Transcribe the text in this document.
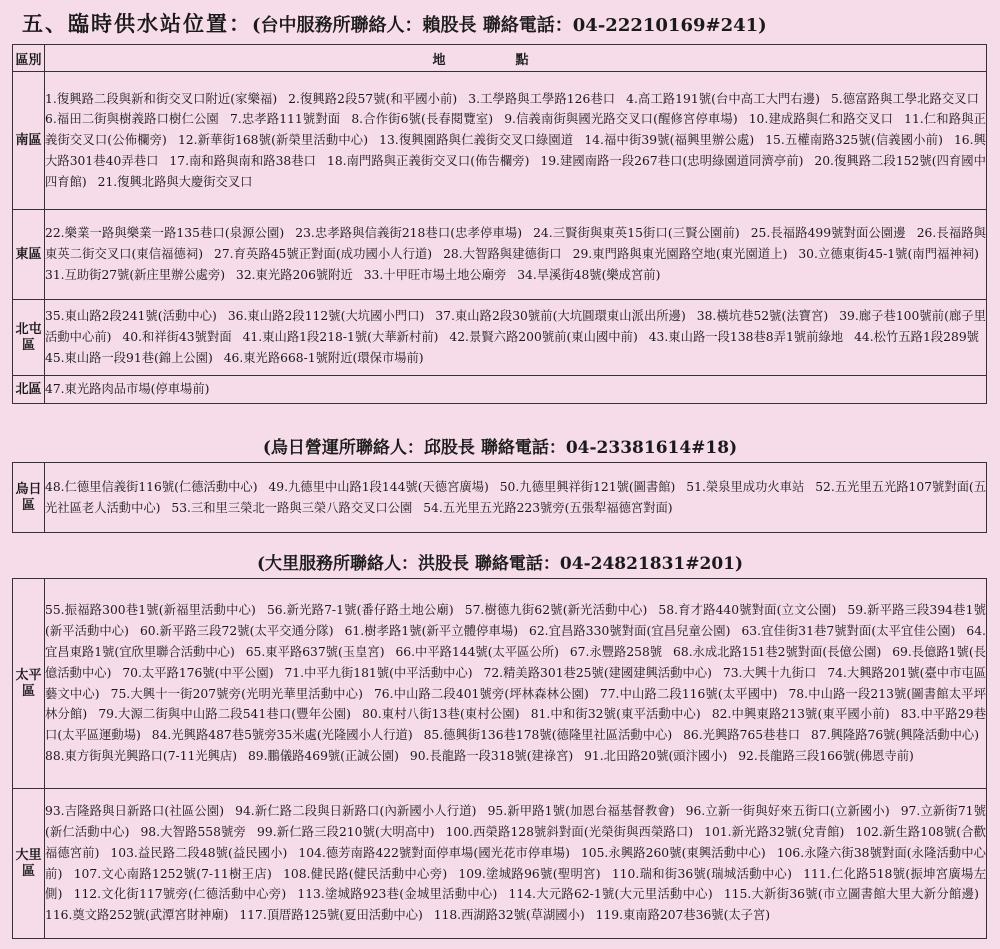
五、臨時供水站位置：(台中服務所聯絡人：賴股長 聯絡電話：04-22210169#241)
區別	地點
南區	1.復興路二段與新和街交叉口附近(家樂福) 2.復興路2段57號(和平國小前) 3.工學路與工學路126巷口 4.高工路191號(台中高工大門右邊) 5.德富路與工學北路交叉口 6.福田二街與樹義路口樹仁公園 7.忠孝路111號對面 8.合作街6號(長春閱覽室) 9.信義南街與國光路交叉口(醒修宮停車場) 10.建成路與仁和路交叉口 11.仁和路與正義街交叉口(公佈欄旁) 12.新華街168號(新榮里活動中心) 13.復興園路與仁義街交叉口綠園道 14.福中街39號(福興里辦公處) 15.五權南路325號(信義國小前) 16.興大路301巷40弄巷口 17.南和路與南和路38巷口 18.南門路與正義街交叉口(佈告欄旁) 19.建國南路一段267巷口(忠明綠園道同濟亭前) 20.復興路二段152號(四育國中四育館) 21.復興北路與大慶街交叉口
東區	22.樂業一路與樂業一路135巷口(泉源公園) 23.忠孝路與信義街218巷口(忠孝停車場) 24.三賢街與東英15街口(三賢公園前) 25.長福路499號對面公園邊 26.長福路與東英二街交叉口(東信福德祠) 27.育英路45號正對面(成功國小人行道) 28.大智路與建德街口 29.東門路與東光園路空地(東光園道上) 30.立德東街45-1號(南門福神祠) 31.互助街27號(新庄里辦公處旁) 32.東光路206號附近 33.十甲旺市場土地公廟旁 34.旱溪街48號(樂成宮前)
北屯區	35.東山路2段241號(活動中心) 36.東山路2段112號(大坑國小門口) 37.東山路2段30號前(大坑圓環東山派出所邊) 38.橫坑巷52號(法寶宮) 39.廊子巷100號前(廊子里活動中心前) 40.和祥街43號對面 41.東山路1段218-1號(大華新村前) 42.景賢六路200號前(東山國中前) 43.東山路一段138巷8弄1號前綠地 44.松竹五路1段289號 45.東山路一段91巷(錦上公園) 46.東光路668-1號附近(環保市場前)
北區	47.東光路肉品市場(停車場前)
(烏日營運所聯絡人：邱股長 聯絡電話：04-23381614#18)
烏日區	48.仁德里信義街116號(仁德活動中心) 49.九德里中山路1段144號(天德宮廣場) 50.九德里興祥街121號(圖書館) 51.榮泉里成功火車站 52.五光里五光路107號對面(五光社區老人活動中心) 53.三和里三榮北一路與三榮八路交叉口公園 54.五光里五光路223號旁(五張犁福德宮對面)
(大里服務所聯絡人：洪股長 聯絡電話：04-24821831#201)
太平區	55.振福路300巷1號(新福里活動中心) 56.新光路7-1號(番仔路土地公廟) 57.樹德九街62號(新光活動中心) 58.育才路440號對面(立文公園) 59.新平路三段394巷1號(新平活動中心) 60.新平路三段72號(太平交通分隊) 61.樹孝路1號(新平立體停車場) 62.宜昌路330號對面(宜昌兒童公園) 63.宜佳街31巷7號對面(太平宜佳公園) 64.宜昌東路1號(宜欣里聯合活動中心) 65.東平路637號(玉皇宮) 66.中平路144號(太平區公所) 67.永豐路258號 68.永成北路151巷2號對面(長億公園) 69.長億路1號(長億活動中心) 70.太平路176號(中平公園) 71.中平九街181號(中平活動中心) 72.精美路301巷25號(建國建興活動中心) 73.大興十九街口 74.大興路201號(臺中市屯區藝文中心) 75.大興十一街207號旁(光明光華里活動中心) 76.中山路二段401號旁(坪林森林公園) 77.中山路二段116號(太平國中) 78.中山路一段213號(圖書館太平坪林分館) 79.大源二街與中山路二段541巷口(豐年公園) 80.東村八街13巷(東村公園) 81.中和街32號(東平活動中心) 82.中興東路213號(東平國小前) 83.中平路29巷口(太平區運動場) 84.光興路487巷5號旁35米處(光隆國小人行道) 85.德興街136巷178號(德隆里社區活動中心) 86.光興路765巷巷口 87.興隆路76號(興隆活動中心) 88.東方街與光興路口(7-11光興店) 89.鵬儀路469號(正誠公園) 90.長龍路一段318號(建祿宮) 91.北田路20號(頭汴國小) 92.長龍路三段166號(佛恩寺前)
大里區	93.吉隆路與日新路口(社區公園) 94.新仁路二段與日新路口(內新國小人行道) 95.新甲路1號(加恩台福基督教會) 96.立新一街與好來五街口(立新國小) 97.立新街71號(新仁活動中心) 98.大智路558號旁 99.新仁路三段210號(大明高中) 100.西榮路128號斜對面(光榮街與西榮路口) 101.新光路32號(兌青館) 102.新生路108號(合歡福德宮前) 103.益民路二段48號(益民國小) 104.德芳南路422號對面停車場(國光花市停車場) 105.永興路260號(東興活動中心) 106.永隆六街38號對面(永隆活動中心前) 107.文心南路1252號(7-11樹王店) 108.健民路(健民活動中心旁) 109.塗城路96號(聖明宮) 110.瑞和街36號(瑞城活動中心) 111.仁化路518號(振坤宮廣場左側) 112.文化街117號旁(仁德活動中心旁) 113.塗城路923巷(金城里活動中心) 114.大元路62-1號(大元里活動中心) 115.大新街36號(市立圖書館大里大新分館邊) 116.奠文路252號(武潭宮財神廟) 117.頂厝路125號(夏田活動中心) 118.西湖路32號(草湖國小) 119.東南路207巷36號(太子宮)
